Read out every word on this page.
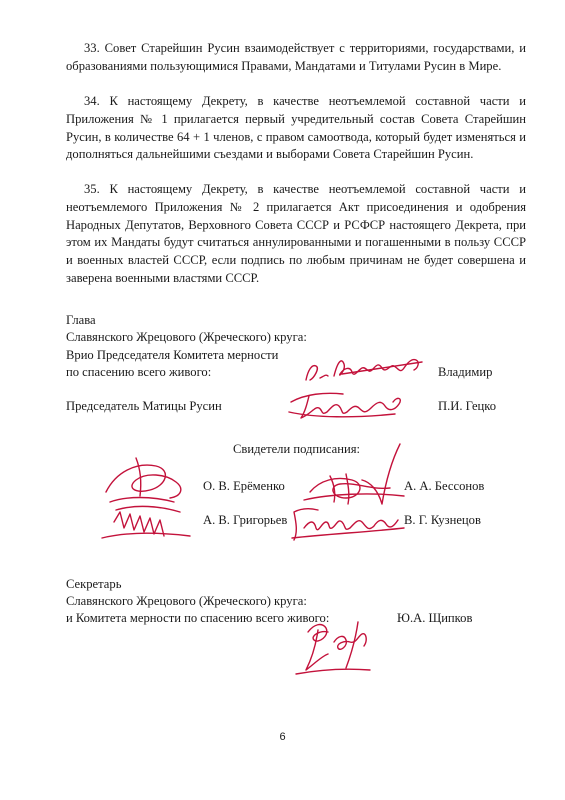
33. Совет Старейшин Русин взаимодействует с территориями, государствами, и образованиями пользующимися Правами, Мандатами и Титулами Русин в Мире.

34. К настоящему Декрету, в качестве неотъемлемой составной части и Приложения № 1 прилагается первый учредительный состав Совета Старейшин Русин, в количестве 64 + 1 членов, с правом самоотвода, который будет изменяться и дополняться дальнейшими съездами и выборами Совета Старейшин Русин.

35. К настоящему Декрету, в качестве неотъемлемой составной части и неотъемлемого Приложения № 2 прилагается Акт присоединения и одобрения Народных Депутатов, Верховного Совета СССР и РСФСР настоящего Декрета, при этом их Мандаты будут считаться аннулированными и погашенными в пользу СССР и военных властей СССР, если подпись по любым причинам не будет совершена и заверена военными властями СССР.

Глава
Славянского Жрецового (Жреческого) круга:
Врио Председателя Комитета мерности
по спасению всего живого:	Владимир
Председатель Матицы Русин	П.И. Гецко
Свидетели подписания:
О. В. Ерёменко	А. А. Бессонов
А. В. Григорьев	В. Г. Кузнецов
Секретарь
Славянского Жрецового (Жреческого) круга:
и Комитета мерности по спасению всего живого:	Ю.А. Щипков
6
